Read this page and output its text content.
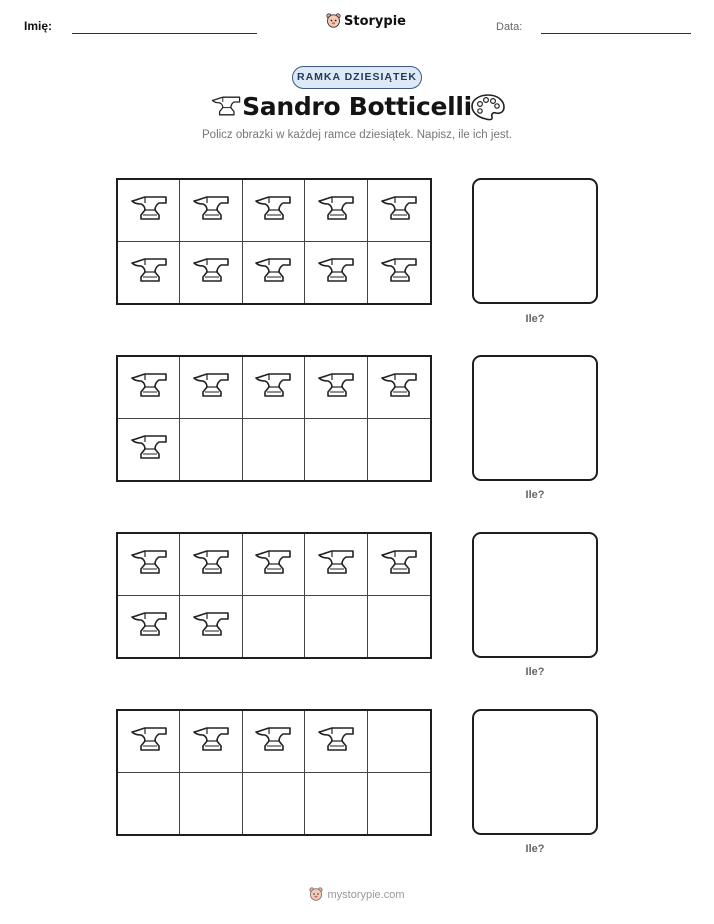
Imię:	Storypie	Data:
RAMKA DZIESIĄTEK
Sandro Botticelli
Policz obrazki w każdej ramce dziesiątek. Napisz, ile ich jest.
Ile?
Ile?
Ile?
Ile?
mystorypie.com
